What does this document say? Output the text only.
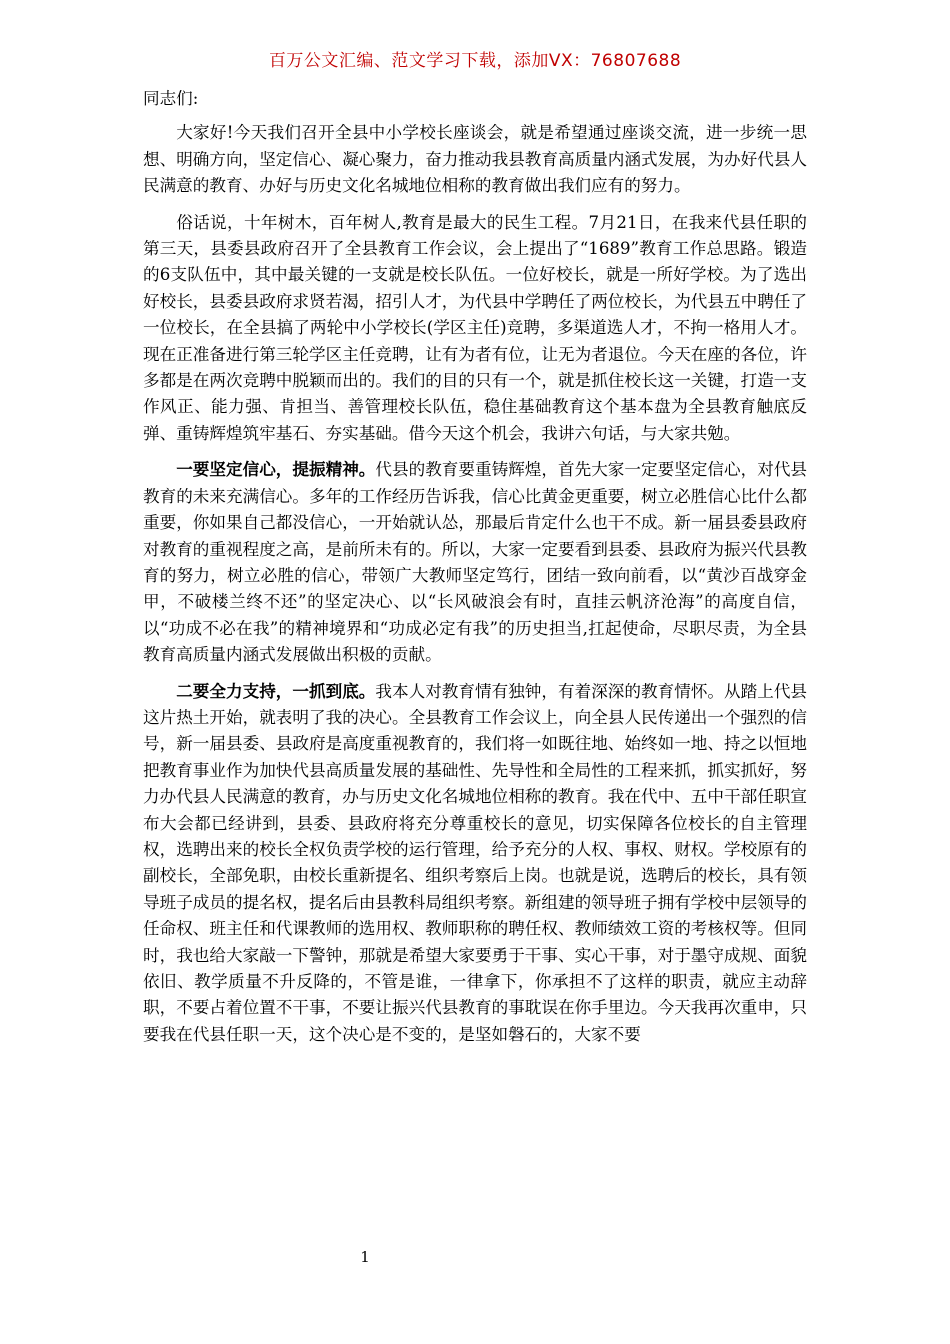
百万公文汇编、范文学习下载，添加VX：76807688

同志们:

大家好!今天我们召开全县中小学校长座谈会，就是希望通过座谈交流，进一步统一思想、明确方向，坚定信心、凝心聚力，奋力推动我县教育高质量内涵式发展，为办好代县人民满意的教育、办好与历史文化名城地位相称的教育做出我们应有的努力。

俗话说，十年树木，百年树人,教育是最大的民生工程。7月21日，在我来代县任职的第三天，县委县政府召开了全县教育工作会议，会上提出了“1689”教育工作总思路。锻造的6支队伍中，其中最关键的一支就是校长队伍。一位好校长，就是一所好学校。为了选出好校长，县委县政府求贤若渴，招引人才，为代县中学聘任了两位校长，为代县五中聘任了一位校长，在全县搞了两轮中小学校长(学区主任)竞聘，多渠道选人才，不拘一格用人才。现在正准备进行第三轮学区主任竞聘，让有为者有位，让无为者退位。今天在座的各位，许多都是在两次竞聘中脱颖而出的。我们的目的只有一个，就是抓住校长这一关键，打造一支作风正、能力强、肯担当、善管理校长队伍，稳住基础教育这个基本盘为全县教育触底反弹、重铸辉煌筑牢基石、夯实基础。借今天这个机会，我讲六句话，与大家共勉。

一要坚定信心，提振精神。代县的教育要重铸辉煌，首先大家一定要坚定信心，对代县教育的未来充满信心。多年的工作经历告诉我，信心比黄金更重要，树立必胜信心比什么都重要，你如果自己都没信心，一开始就认怂，那最后肯定什么也干不成。新一届县委县政府对教育的重视程度之高，是前所未有的。所以，大家一定要看到县委、县政府为振兴代县教育的努力，树立必胜的信心，带领广大教师坚定笃行，团结一致向前看，以“黄沙百战穿金甲，不破楼兰终不还”的坚定决心、以“长风破浪会有时，直挂云帆济沧海”的高度自信，以“功成不必在我”的精神境界和“功成必定有我”的历史担当,扛起使命，尽职尽责，为全县教育高质量内涵式发展做出积极的贡献。

二要全力支持，一抓到底。我本人对教育情有独钟，有着深深的教育情怀。从踏上代县这片热土开始，就表明了我的决心。全县教育工作会议上，向全县人民传递出一个强烈的信号，新一届县委、县政府是高度重视教育的，我们将一如既往地、始终如一地、持之以恒地把教育事业作为加快代县高质量发展的基础性、先导性和全局性的工程来抓，抓实抓好，努力办代县人民满意的教育，办与历史文化名城地位相称的教育。我在代中、五中干部任职宣布大会都已经讲到，县委、县政府将充分尊重校长的意见，切实保障各位校长的自主管理权，选聘出来的校长全权负责学校的运行管理，给予充分的人权、事权、财权。学校原有的副校长，全部免职，由校长重新提名、组织考察后上岗。也就是说，选聘后的校长，具有领导班子成员的提名权，提名后由县教科局组织考察。新组建的领导班子拥有学校中层领导的任命权、班主任和代课教师的选用权、教师职称的聘任权、教师绩效工资的考核权等。但同时，我也给大家敲一下警钟，那就是希望大家要勇于干事、实心干事，对于墨守成规、面貌依旧、教学质量不升反降的，不管是谁，一律拿下，你承担不了这样的职责，就应主动辞职，不要占着位置不干事，不要让振兴代县教育的事耽误在你手里边。今天我再次重申，只要我在代县任职一天，这个决心是不变的，是坚如磐石的，大家不要

1
